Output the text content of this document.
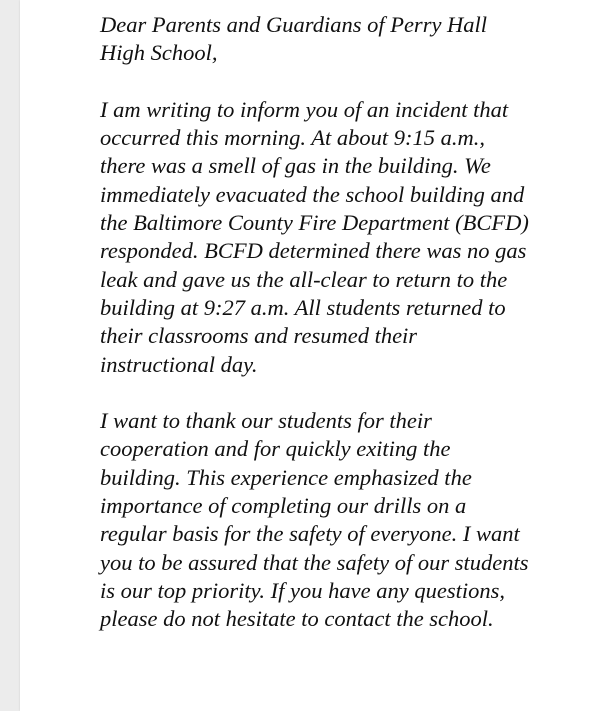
Dear Parents and Guardians of Perry Hall
High School,

I am writing to inform you of an incident that
occurred this morning. At about 9:15 a.m.,
there was a smell of gas in the building. We
immediately evacuated the school building and
the Baltimore County Fire Department (BCFD)
responded. BCFD determined there was no gas
leak and gave us the all-clear to return to the
building at 9:27 a.m. All students returned to
their classrooms and resumed their
instructional day.

I want to thank our students for their
cooperation and for quickly exiting the
building. This experience emphasized the
importance of completing our drills on a
regular basis for the safety of everyone. I want
you to be assured that the safety of our students
is our top priority. If you have any questions,
please do not hesitate to contact the school.
